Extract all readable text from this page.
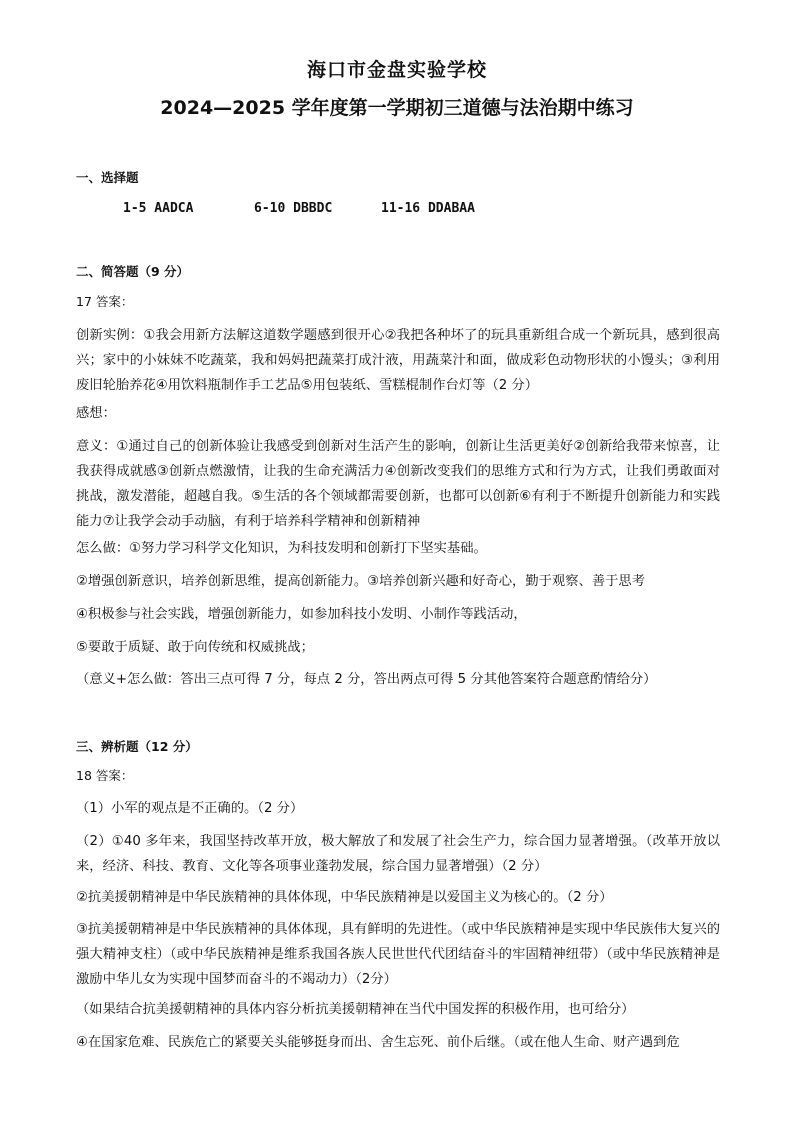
海口市金盘实验学校
2024—2025 学年度第一学期初三道德与法治期中练习
一、选择题
1-5 AADCA	6-10 DBBDC	11-16 DDABAA
二、简答题（9 分）
17 答案：
创新实例：①我会用新方法解这道数学题感到很开心②我把各种坏了的玩具重新组合成一个新玩具，感到很高兴；家中的小妹妹不吃蔬菜，我和妈妈把蔬菜打成汁液，用蔬菜汁和面，做成彩色动物形状的小馒头；③利用废旧轮胎养花④用饮料瓶制作手工艺品⑤用包装纸、雪糕棍制作台灯等（2 分）
感想：
意义：①通过自己的创新体验让我感受到创新对生活产生的影响，创新让生活更美好②创新给我带来惊喜，让我获得成就感③创新点燃激情，让我的生命充满活力④创新改变我们的思维方式和行为方式，让我们勇敢面对挑战，激发潜能，超越自我。⑤生活的各个领域都需要创新，也都可以创新⑥有利于不断提升创新能力和实践能力⑦让我学会动手动脑，有利于培养科学精神和创新精神
怎么做：①努力学习科学文化知识，为科技发明和创新打下坚实基础。
②增强创新意识，培养创新思维，提高创新能力。③培养创新兴趣和好奇心，勤于观察、善于思考
④积极参与社会实践，增强创新能力，如参加科技小发明、小制作等践活动，
⑤要敢于质疑、敢于向传统和权威挑战；
（意义+怎么做：答出三点可得 7 分，每点 2 分，答出两点可得 5 分其他答案符合题意酌情给分）
三、辨析题（12 分）
18 答案：
（1）小军的观点是不正确的。（2 分）
（2）①40 多年来，我国坚持改革开放，极大解放了和发展了社会生产力，综合国力显著增强。（改革开放以来，经济、科技、教育、文化等各项事业蓬勃发展，综合国力显著增强）（2 分）
②抗美援朝精神是中华民族精神的具体体现，中华民族精神是以爱国主义为核心的。（2 分）
③抗美援朝精神是中华民族精神的具体体现，具有鲜明的先进性。（或中华民族精神是实现中华民族伟大复兴的强大精神支柱）（或中华民族精神是维系我国各族人民世世代代团结奋斗的牢固精神纽带）（或中华民族精神是激励中华儿女为实现中国梦而奋斗的不竭动力）（2分）
（如果结合抗美援朝精神的具体内容分析抗美援朝精神在当代中国发挥的积极作用，也可给分）
④在国家危难、民族危亡的紧要关头能够挺身而出、舍生忘死、前仆后继。（或在他人生命、财产遇到危
